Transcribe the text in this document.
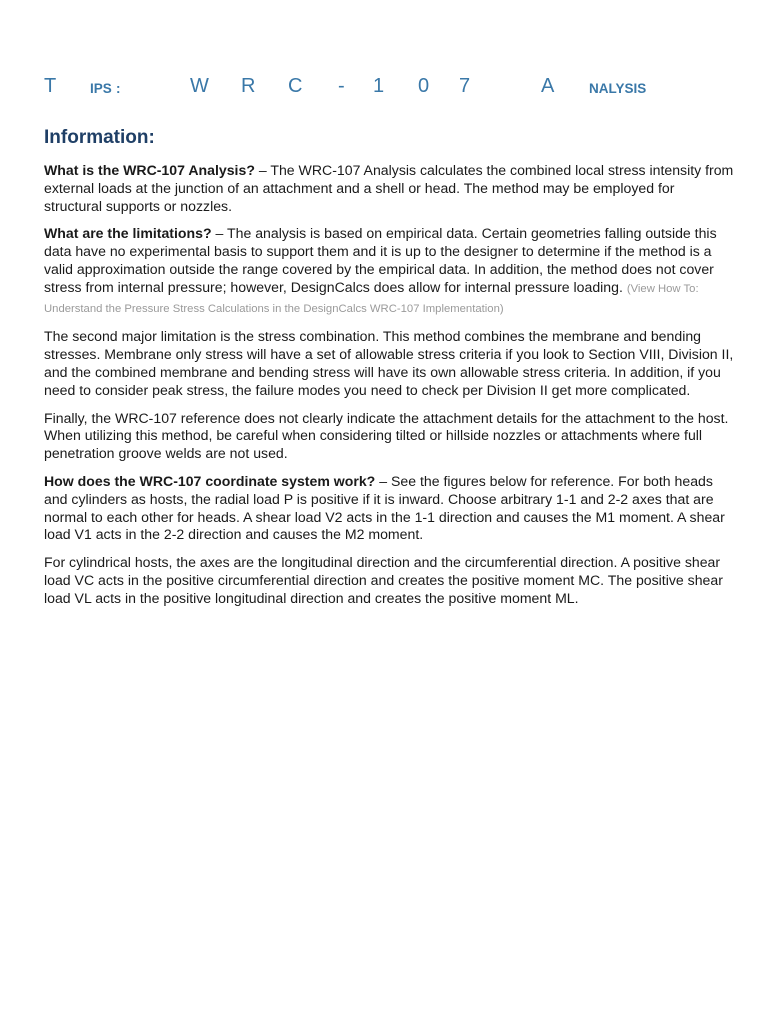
T	IPS :	W R C - 1 0 7	A	NALYSIS
Information:

What is the WRC-107 Analysis? – The WRC-107 Analysis calculates the combined local stress intensity from external loads at the junction of an attachment and a shell or head. The method may be employed for structural supports or nozzles.

What are the limitations? – The analysis is based on empirical data. Certain geometries falling outside this data have no experimental basis to support them and it is up to the designer to determine if the method is a valid approximation outside the range covered by the empirical data. In addition, the method does not cover stress from internal pressure; however, DesignCalcs does allow for internal pressure loading. (View How To: Understand the Pressure Stress Calculations in the DesignCalcs WRC-107 Implementation)

The second major limitation is the stress combination. This method combines the membrane and bending stresses. Membrane only stress will have a set of allowable stress criteria if you look to Section VIII, Division II, and the combined membrane and bending stress will have its own allowable stress criteria. In addition, if you need to consider peak stress, the failure modes you need to check per Division II get more complicated.

Finally, the WRC-107 reference does not clearly indicate the attachment details for the attachment to the host. When utilizing this method, be careful when considering tilted or hillside nozzles or attachments where full penetration groove welds are not used.

How does the WRC-107 coordinate system work? – See the figures below for reference. For both heads and cylinders as hosts, the radial load P is positive if it is inward. Choose arbitrary 1-1 and 2-2 axes that are normal to each other for heads. A shear load V2 acts in the 1-1 direction and causes the M1 moment. A shear load V1 acts in the 2-2 direction and causes the M2 moment.

For cylindrical hosts, the axes are the longitudinal direction and the circumferential direction. A positive shear load VC acts in the positive circumferential direction and creates the positive moment MC. The positive shear load VL acts in the positive longitudinal direction and creates the positive moment ML.
